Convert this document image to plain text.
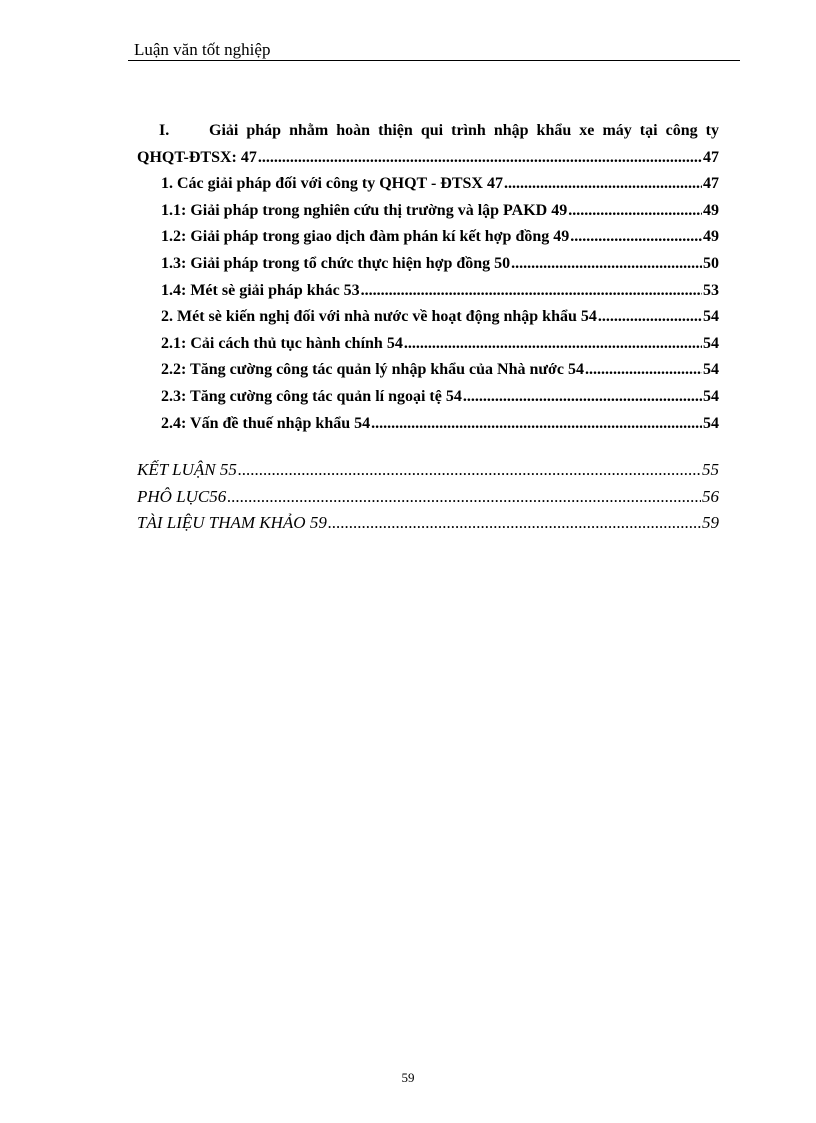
Luận văn tốt nghiệp
I.	Giải pháp nhằm hoàn thiện qui trình nhập khẩu xe máy tại công ty
QHQT-ĐTSX: 47 .....	47
1. Các giải pháp đối với công ty QHQT - ĐTSX 47 .....	47
1.1: Giải pháp trong nghiên cứu thị trường và lập PAKD 49 .....	49
1.2: Giải pháp trong giao dịch đàm phán kí kết hợp đồng 49 .....	49
1.3: Giải pháp trong tổ chức thực hiện hợp đồng 50 .....	50
1.4: Mét sè giải pháp khác 53 .....	53
2. Mét sè kiến nghị đối với nhà nước về hoạt động nhập khẩu 54 .....	54
2.1: Cải cách thủ tục hành chính 54 .....	54
2.2: Tăng cường công tác quản lý nhập khẩu của Nhà nước 54 .....	54
2.3: Tăng cường công tác quản lí ngoại tệ 54 .....	54
2.4: Vấn đề thuế nhập khẩu 54 .....	54
KẾT LUẬN 55 .....	55
PHÔ LỤC56 .....	56
TÀI LIỆU THAM KHẢO 59 .....	59
59
